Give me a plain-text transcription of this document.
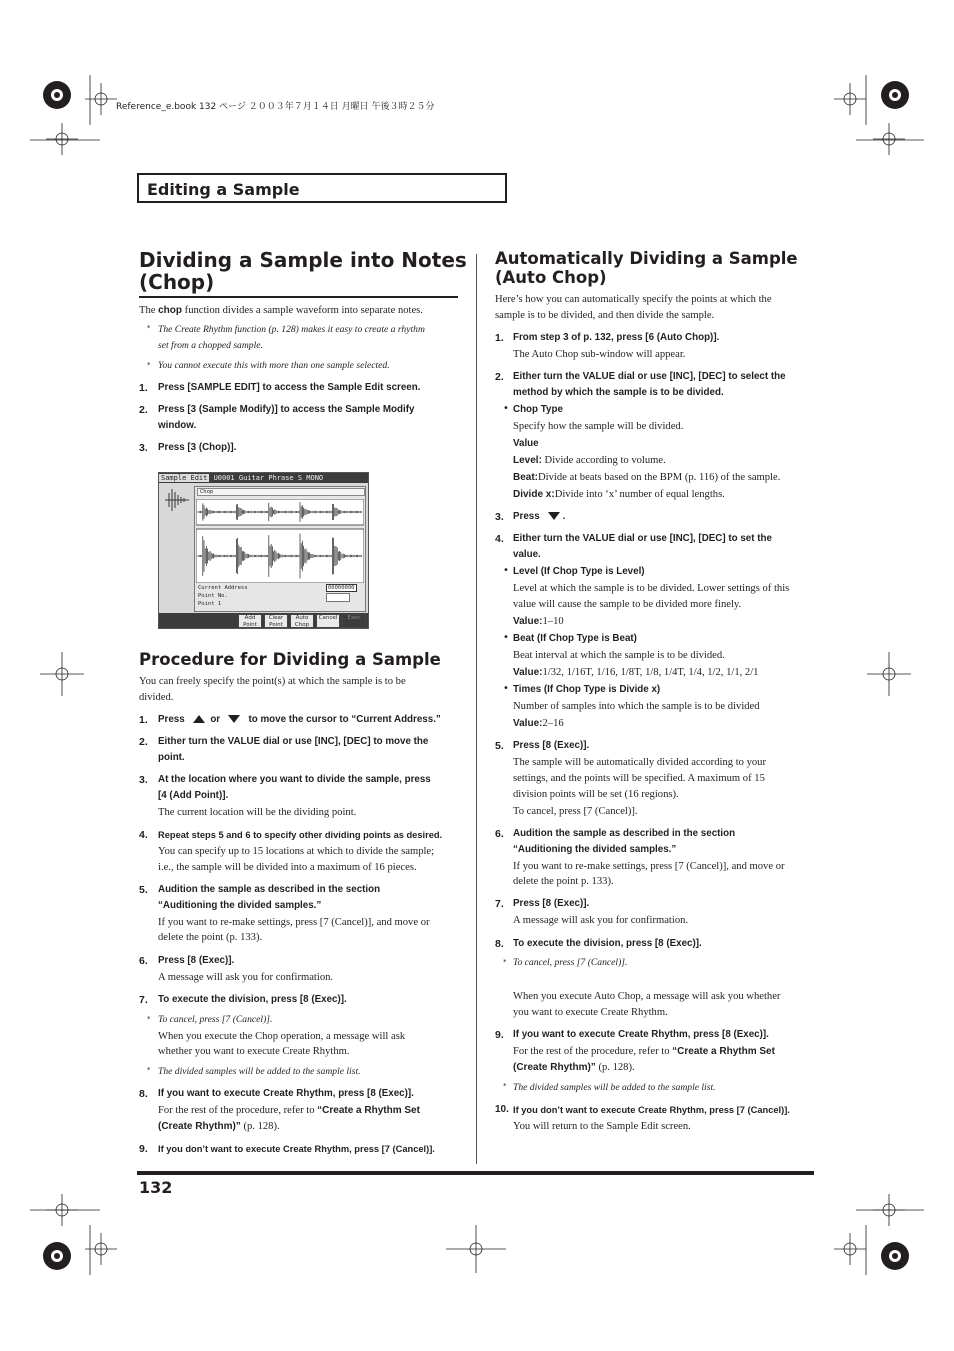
Reference_e.book 132 ページ ２００３年７月１４日 月曜日 午後３時２５分
Editing a Sample
Dividing a Sample into Notes
(Chop)
The chop function divides a sample waveform into separate notes.
* The Create Rhythm function (p. 128) makes it easy to create a rhythm
set from a chopped sample.
* You cannot execute this with more than one sample selected.
1. Press [SAMPLE EDIT] to access the Sample Edit screen.
2. Press [3 (Sample Modify)] to access the Sample Modify
window.
3. Press [3 (Chop)].
Sample Edit U0001 Guitar Phrase S MONO
Chop
Current Address	00000000
Point No.
Point 1
Add
Point
Clear
Point
Auto
Chop
Cancel	Exec
Procedure for Dividing a Sample
You can freely specify the point(s) at which the sample is to be
divided.
1. Press	or	to move the cursor to “Current Address.”
2. Either turn the VALUE dial or use [INC], [DEC] to move the
point.
3. At the location where you want to divide the sample, press
[4 (Add Point)].
The current location will be the dividing point.
4. Repeat steps 5 and 6 to specify other dividing points as desired.
You can specify up to 15 locations at which to divide the sample;
i.e., the sample will be divided into a maximum of 16 pieces.
5. Audition the sample as described in the section
“Auditioning the divided samples.”
If you want to re-make settings, press [7 (Cancel)], and move or
delete the point (p. 133).
6. Press [8 (Exec)].
A message will ask you for confirmation.
7. To execute the division, press [8 (Exec)].
* To cancel, press [7 (Cancel)].
When you execute the Chop operation, a message will ask
whether you want to execute Create Rhythm.
* The divided samples will be added to the sample list.
8. If you want to execute Create Rhythm, press [8 (Exec)].
For the rest of the procedure, refer to “Create a Rhythm Set
(Create Rhythm)” (p. 128).
9. If you don’t want to execute Create Rhythm, press [7 (Cancel)].
Automatically Dividing a Sample
(Auto Chop)
Here’s how you can automatically specify the points at which the
sample is to be divided, and then divide the sample.
1. From step 3 of p. 132, press [6 (Auto Chop)].
The Auto Chop sub-window will appear.
2. Either turn the VALUE dial or use [INC], [DEC] to select the
method by which the sample is to be divided.
• Chop Type
Specify how the sample will be divided.
Value
Level: Divide according to volume.
Beat:Divide at beats based on the BPM (p. 116) of the sample.
Divide x:Divide into ‘x’ number of equal lengths.
3. Press .
4. Either turn the VALUE dial or use [INC], [DEC] to set the
value.
• Level (If Chop Type is Level)
Level at which the sample is to be divided. Lower settings of this
value will cause the sample to be divided more finely.
Value:1–10
• Beat (If Chop Type is Beat)
Beat interval at which the sample is to be divided.
Value:1/32, 1/16T, 1/16, 1/8T, 1/8, 1/4T, 1/4, 1/2, 1/1, 2/1
• Times (If Chop Type is Divide x)
Number of samples into which the sample is to be divided
Value:2–16
5. Press [8 (Exec)].
The sample will be automatically divided according to your
settings, and the points will be specified. A maximum of 15
division points will be set (16 regions).
To cancel, press [7 (Cancel)].
6. Audition the sample as described in the section
“Auditioning the divided samples.”
If you want to re-make settings, press [7 (Cancel)], and move or
delete the point p. 133).
7. Press [8 (Exec)].
A message will ask you for confirmation.
8. To execute the division, press [8 (Exec)].
* To cancel, press [7 (Cancel)].
When you execute Auto Chop, a message will ask you whether
you want to execute Create Rhythm.
9. If you want to execute Create Rhythm, press [8 (Exec)].
For the rest of the procedure, refer to “Create a Rhythm Set
(Create Rhythm)” (p. 128).
* The divided samples will be added to the sample list.
10. If you don’t want to execute Create Rhythm, press [7 (Cancel)].
You will return to the Sample Edit screen.
132
